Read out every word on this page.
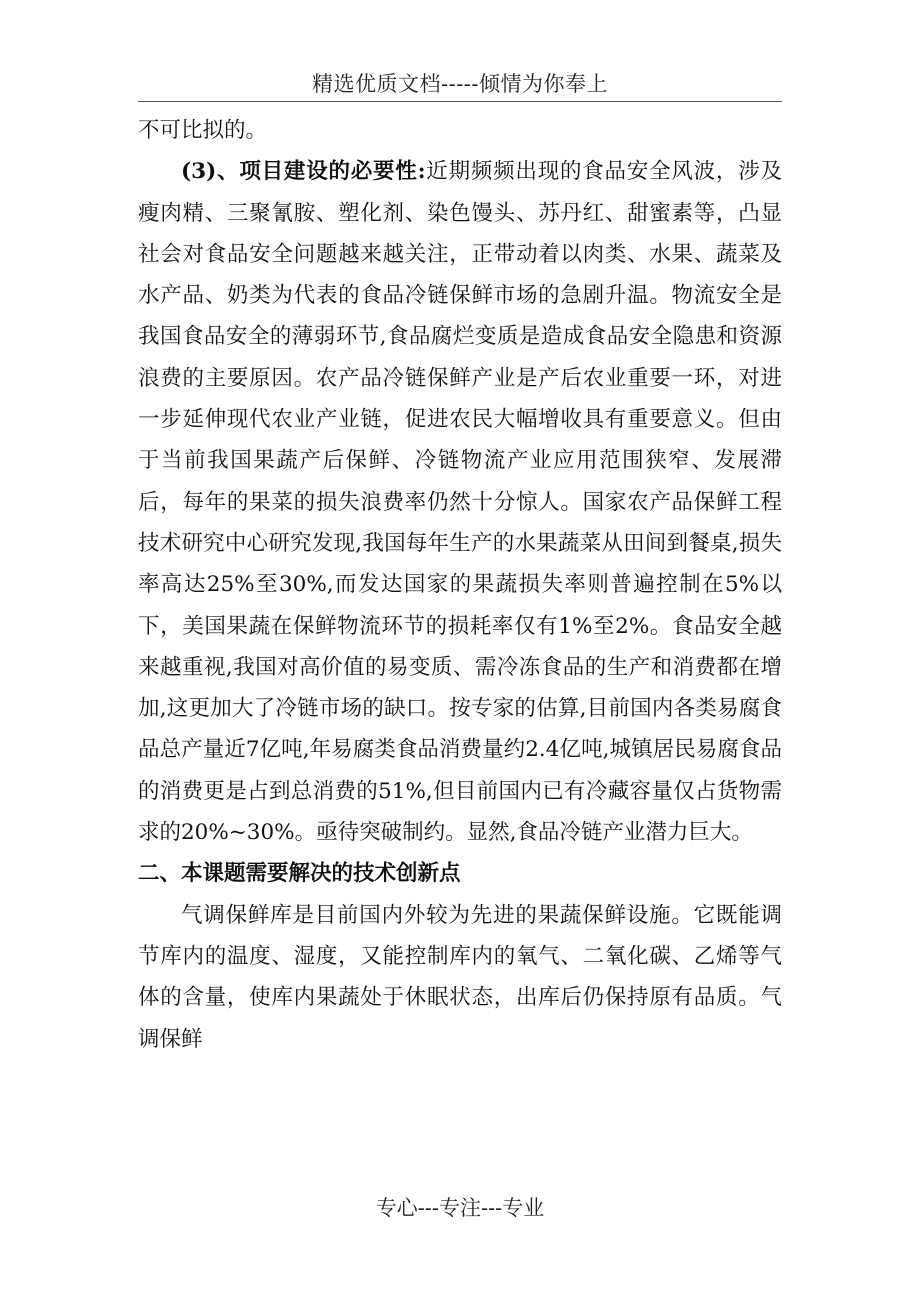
精选优质文档-----倾情为你奉上

不可比拟的。

(3)、项目建设的必要性:近期频频出现的食品安全风波，涉及瘦肉精、三聚氰胺、塑化剂、染色馒头、苏丹红、甜蜜素等，凸显社会对食品安全问题越来越关注，正带动着以肉类、水果、蔬菜及水产品、奶类为代表的食品冷链保鲜市场的急剧升温。物流安全是我国食品安全的薄弱环节,食品腐烂变质是造成食品安全隐患和资源浪费的主要原因。农产品冷链保鲜产业是产后农业重要一环，对进一步延伸现代农业产业链，促进农民大幅增收具有重要意义。但由于当前我国果蔬产后保鲜、冷链物流产业应用范围狭窄、发展滞后，每年的果菜的损失浪费率仍然十分惊人。国家农产品保鲜工程技术研究中心研究发现,我国每年生产的水果蔬菜从田间到餐桌,损失率高达25%至30%,而发达国家的果蔬损失率则普遍控制在5%以下，美国果蔬在保鲜物流环节的损耗率仅有1%至2%。食品安全越来越重视,我国对高价值的易变质、需冷冻食品的生产和消费都在增加,这更加大了冷链市场的缺口。按专家的估算,目前国内各类易腐食品总产量近7亿吨,年易腐类食品消费量约2.4亿吨,城镇居民易腐食品的消费更是占到总消费的51%,但目前国内已有冷藏容量仅占货物需求的20%~30%。亟待突破制约。显然,食品冷链产业潜力巨大。

二、本课题需要解决的技术创新点

气调保鲜库是目前国内外较为先进的果蔬保鲜设施。它既能调节库内的温度、湿度，又能控制库内的氧气、二氧化碳、乙烯等气体的含量，使库内果蔬处于休眠状态，出库后仍保持原有品质。气调保鲜

专心---专注---专业
